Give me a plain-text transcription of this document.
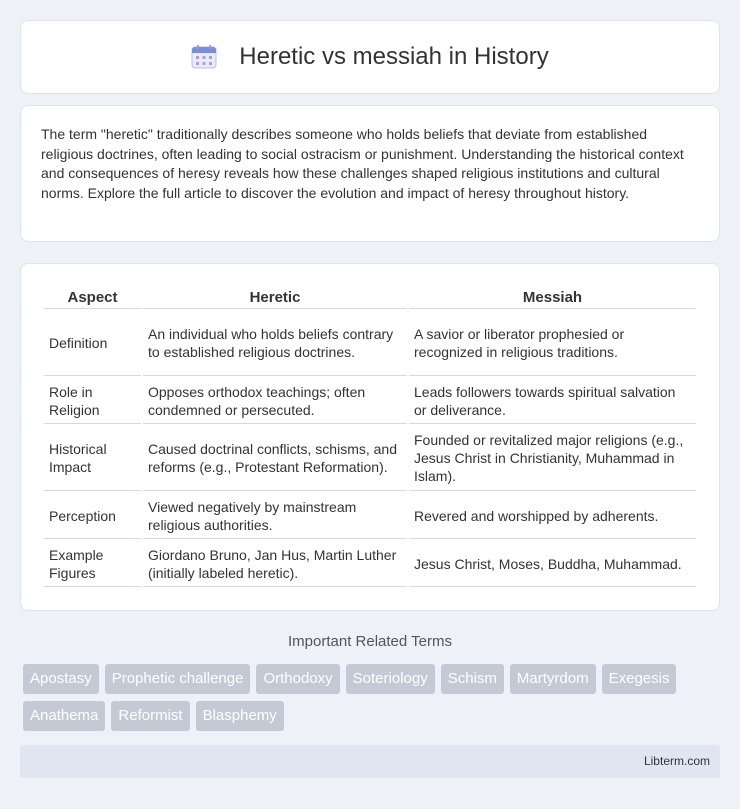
Heretic vs messiah in History

The term "heretic" traditionally describes someone who holds beliefs that deviate from established religious doctrines, often leading to social ostracism or punishment. Understanding the historical context and consequences of heresy reveals how these challenges shaped religious institutions and cultural norms. Explore the full article to discover the evolution and impact of heresy throughout history.

Aspect	Heretic	Messiah
Definition	An individual who holds beliefs contrary to established religious doctrines.	A savior or liberator prophesied or recognized in religious traditions.
Role in Religion	Opposes orthodox teachings; often condemned or persecuted.	Leads followers towards spiritual salvation or deliverance.
Historical Impact	Caused doctrinal conflicts, schisms, and reforms (e.g., Protestant Reformation).	Founded or revitalized major religions (e.g., Jesus Christ in Christianity, Muhammad in Islam).
Perception	Viewed negatively by mainstream religious authorities.	Revered and worshipped by adherents.
Example Figures	Giordano Bruno, Jan Hus, Martin Luther (initially labeled heretic).	Jesus Christ, Moses, Buddha, Muhammad.
Important Related Terms
Apostasy	Prophetic challenge	Orthodoxy	Soteriology	Schism	Martyrdom	Exegesis
Anathema	Reformist	Blasphemy
Libterm.com
